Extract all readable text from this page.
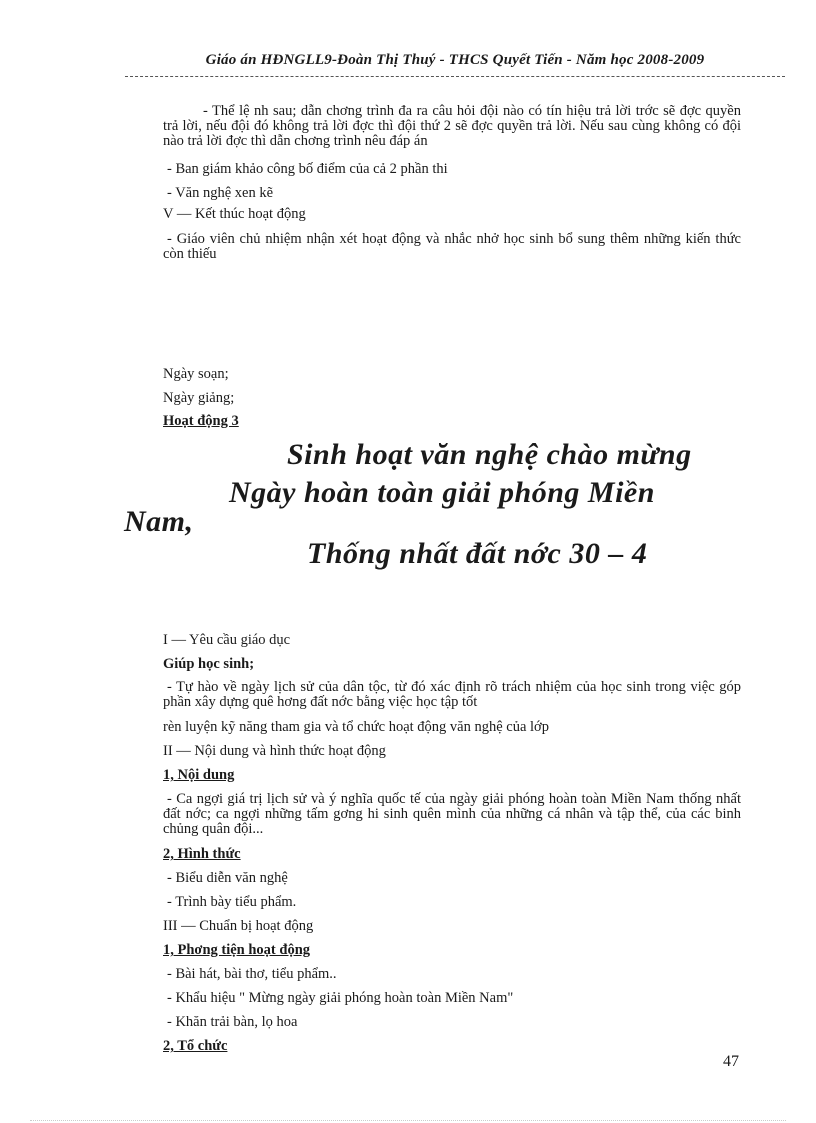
Giáo án HĐNGLL9-Đoàn Thị Thuý - THCS Quyết Tiến - Năm học 2008-2009
- Thể lệ nh sau; dẫn chơng trình đa ra câu hỏi đội nào có tín hiệu trả lời trớc sẽ đợc quyền trả lời, nếu đội đó không trả lời đợc thì đội thứ 2 sẽ đợc quyền trả lời. Nếu sau cùng không có đội nào trả lời đợc thì dẫn chơng trình nêu đáp án
- Ban giám khảo công bố điểm của cả 2 phần thi
- Văn nghệ xen kẽ
V — Kết thúc hoạt động
- Giáo viên chủ nhiệm nhận xét hoạt động và nhắc nhở học sinh bổ sung thêm những kiến thức còn thiếu
Ngày soạn;
Ngày giảng;
Hoạt động 3
Sinh hoạt văn nghệ chào mừng
Ngày hoàn toàn giải phóng Miền
Nam,
Thống nhất đất nớc 30 – 4
I — Yêu cầu giáo dục
Giúp học sinh;
- Tự hào về ngày lịch sử của dân tộc, từ đó xác định rõ trách nhiệm của học sinh trong việc góp phần xây dựng quê hơng đất nớc bằng việc học tập tốt
rèn luyện kỹ năng tham gia và tổ chức hoạt động văn nghệ của lớp
II — Nội dung và hình thức hoạt động
1, Nội dung
- Ca ngợi giá trị lịch sử và ý nghĩa quốc tế của ngày giải phóng hoàn toàn Miền Nam thống nhất đất nớc; ca ngợi những tấm gơng hi sinh quên mình của những cá nhân và tập thể, của các binh chủng quân đội...
2, Hình thức
- Biểu diễn văn nghệ
- Trình bày tiểu phẩm.
III — Chuẩn bị hoạt động
1, Phơng tiện hoạt động
- Bài hát, bài thơ, tiểu phẩm..
- Khẩu hiệu " Mừng ngày giải phóng hoàn toàn Miền Nam"
- Khăn trải bàn, lọ hoa
2, Tổ chức
47
